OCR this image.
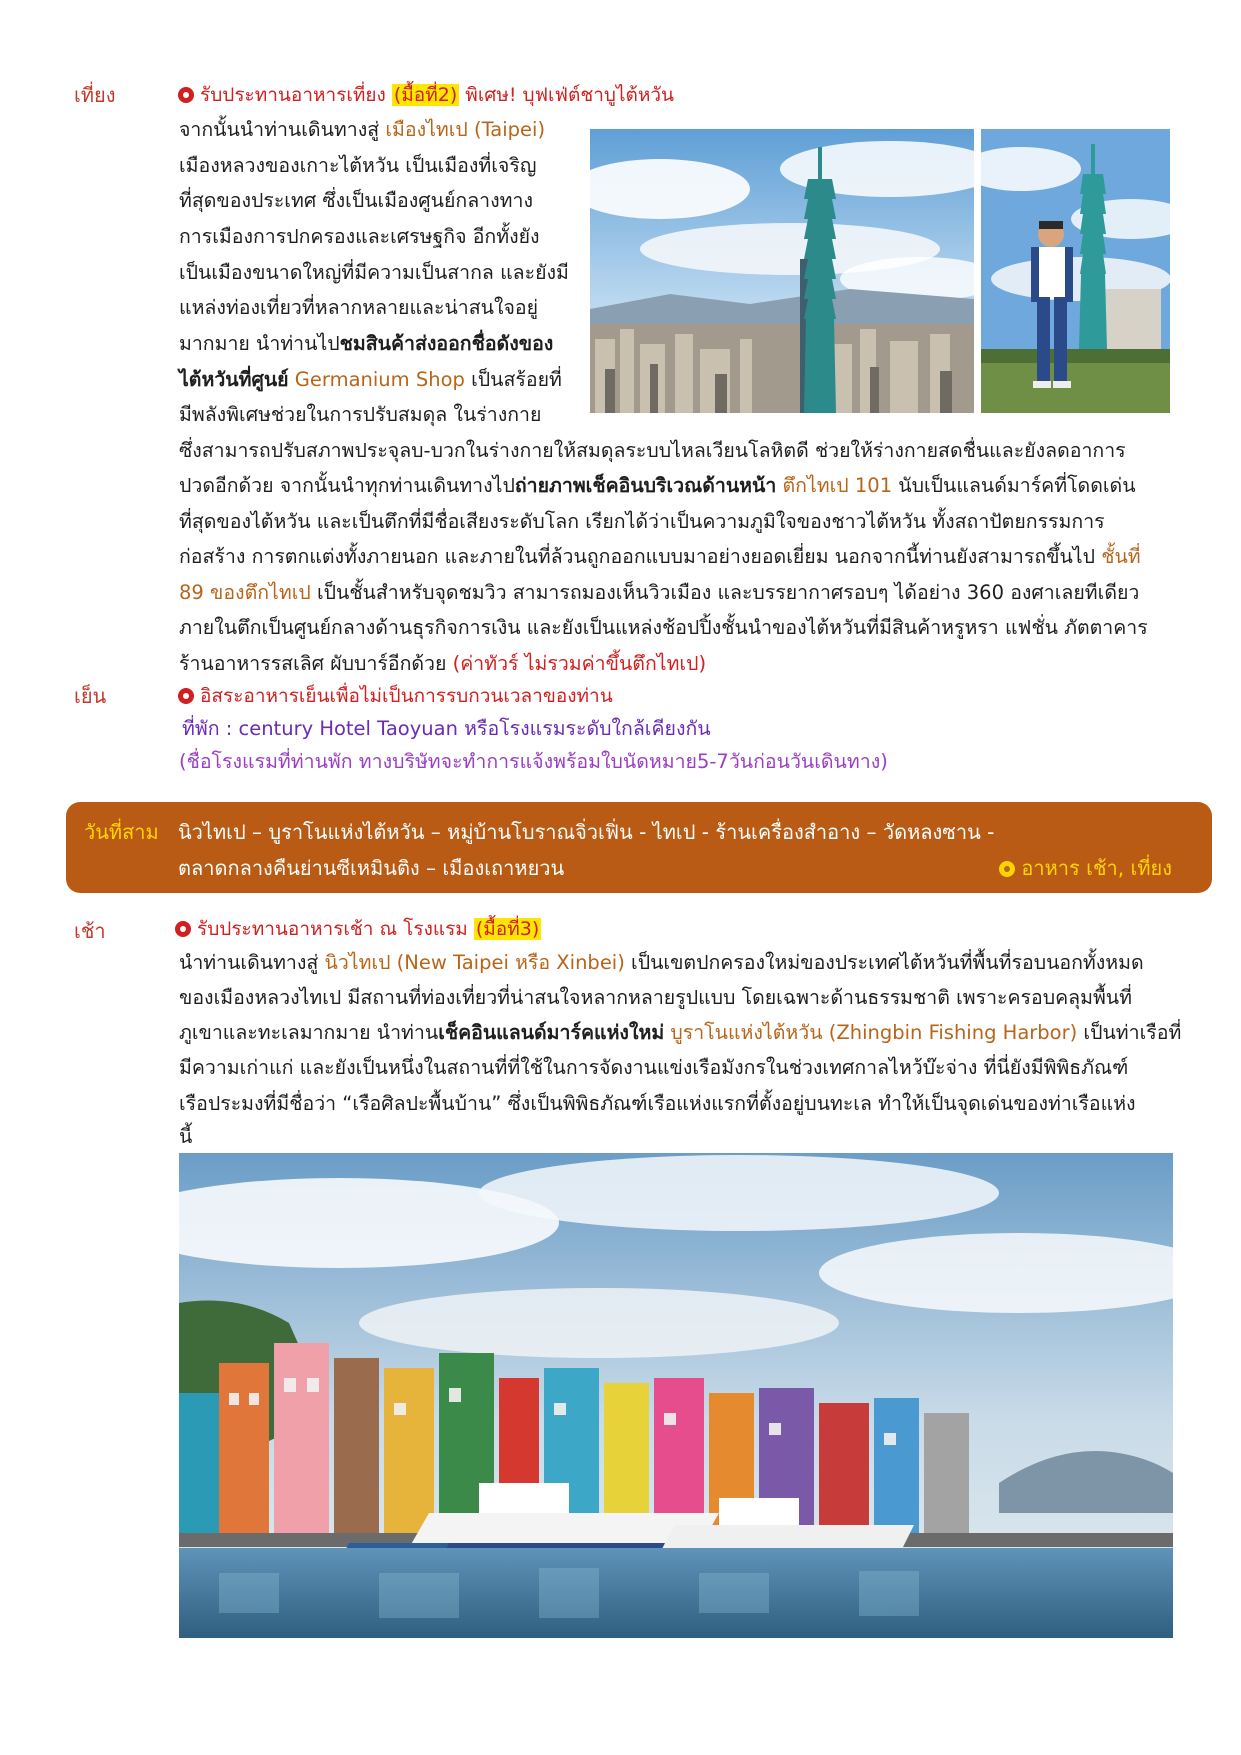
เที่ยง	รับประทานอาหารเที่ยง (มื้อที่2) พิเศษ! บุฟเฟ่ต์ชาบูไต้หวัน
จากนั้นนำท่านเดินทางสู่ เมืองไทเป (Taipei)
เมืองหลวงของเกาะไต้หวัน เป็นเมืองที่เจริญ
ที่สุดของประเทศ ซึ่งเป็นเมืองศูนย์กลางทาง
การเมืองการปกครองและเศรษฐกิจ อีกทั้งยัง
เป็นเมืองขนาดใหญ่ที่มีความเป็นสากล และยังมี
แหล่งท่องเที่ยวที่หลากหลายและน่าสนใจอยู่
มากมาย นำท่านไปชมสินค้าส่งออกชื่อดังของ
ไต้หวันที่ศูนย์ Germanium Shop เป็นสร้อยที่
มีพลังพิเศษช่วยในการปรับสมดุล ในร่างกาย
ซึ่งสามารถปรับสภาพประจุลบ-บวกในร่างกายให้สมดุลระบบไหลเวียนโลหิตดี ช่วยให้ร่างกายสดชื่นและยังลดอาการ
ปวดอีกด้วย จากนั้นนำทุกท่านเดินทางไปถ่ายภาพเช็คอินบริเวณด้านหน้า ตึกไทเป 101 นับเป็นแลนด์มาร์คที่โดดเด่น
ที่สุดของไต้หวัน และเป็นตึกที่มีชื่อเสียงระดับโลก เรียกได้ว่าเป็นความภูมิใจของชาวไต้หวัน ทั้งสถาปัตยกรรมการ
ก่อสร้าง การตกแต่งทั้งภายนอก และภายในที่ล้วนถูกออกแบบมาอย่างยอดเยี่ยม นอกจากนี้ท่านยังสามารถขึ้นไป ชั้นที่
89 ของตึกไทเป เป็นชั้นสำหรับจุดชมวิว สามารถมองเห็นวิวเมือง และบรรยากาศรอบๆ ได้อย่าง 360 องศาเลยทีเดียว
ภายในตึกเป็นศูนย์กลางด้านธุรกิจการเงิน และยังเป็นแหล่งช้อปปิ้งชั้นนำของไต้หวันที่มีสินค้าหรูหรา แฟชั่น ภัตตาคาร
ร้านอาหารรสเลิศ ผับบาร์อีกด้วย (ค่าทัวร์ ไม่รวมค่าขึ้นตึกไทเป)
เย็น	อิสระอาหารเย็นเพื่อไม่เป็นการรบกวนเวลาของท่าน
ที่พัก : century Hotel Taoyuan หรือโรงแรมระดับใกล้เคียงกัน
(ชื่อโรงแรมที่ท่านพัก ทางบริษัทจะทำการแจ้งพร้อมใบนัดหมาย5-7วันก่อนวันเดินทาง)
วันที่สาม นิวไทเป – บูราโนแห่งไต้หวัน – หมู่บ้านโบราณจิ่วเฟิ่น - ไทเป - ร้านเครื่องสำอาง – วัดหลงซาน -
ตลาดกลางคืนย่านซีเหมินติง – เมืองเถาหยวน	อาหาร เช้า, เที่ยง
เช้า	รับประทานอาหารเช้า ณ โรงแรม (มื้อที่3)
นำท่านเดินทางสู่ นิวไทเป (New Taipei หรือ Xinbei) เป็นเขตปกครองใหม่ของประเทศไต้หวันที่พื้นที่รอบนอกทั้งหมด
ของเมืองหลวงไทเป มีสถานที่ท่องเที่ยวที่น่าสนใจหลากหลายรูปแบบ โดยเฉพาะด้านธรรมชาติ เพราะครอบคลุมพื้นที่
ภูเขาและทะเลมากมาย นำท่านเช็คอินแลนด์มาร์คแห่งใหม่ บูราโนแห่งไต้หวัน (Zhingbin Fishing Harbor) เป็นท่าเรือที่
มีความเก่าแก่ และยังเป็นหนึ่งในสถานที่ที่ใช้ในการจัดงานแข่งเรือมังกรในช่วงเทศกาลไหว้บ๊ะจ่าง ที่นี่ยังมีพิพิธภัณฑ์
เรือประมงที่มีชื่อว่า “เรือศิลปะพื้นบ้าน” ซึ่งเป็นพิพิธภัณฑ์เรือแห่งแรกที่ตั้งอยู่บนทะเล ทำให้เป็นจุดเด่นของท่าเรือแห่ง
นี้
